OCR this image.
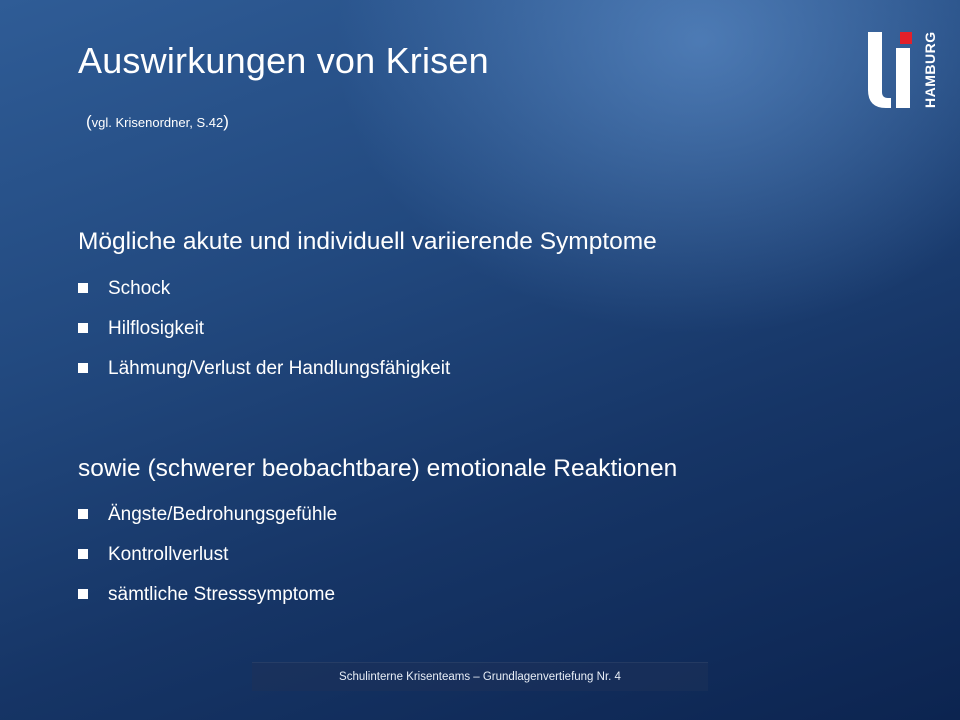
Auswirkungen von Krisen

(vgl. Krisenordner, S.42)

HAMBURG
Mögliche akute und individuell variierende Symptome
Schock
Hilflosigkeit
Lähmung/Verlust der Handlungsfähigkeit
sowie (schwerer beobachtbare) emotionale Reaktionen
Ängste/Bedrohungsgefühle
Kontrollverlust
sämtliche Stresssymptome
Schulinterne Krisenteams – Grundlagenvertiefung Nr. 4
